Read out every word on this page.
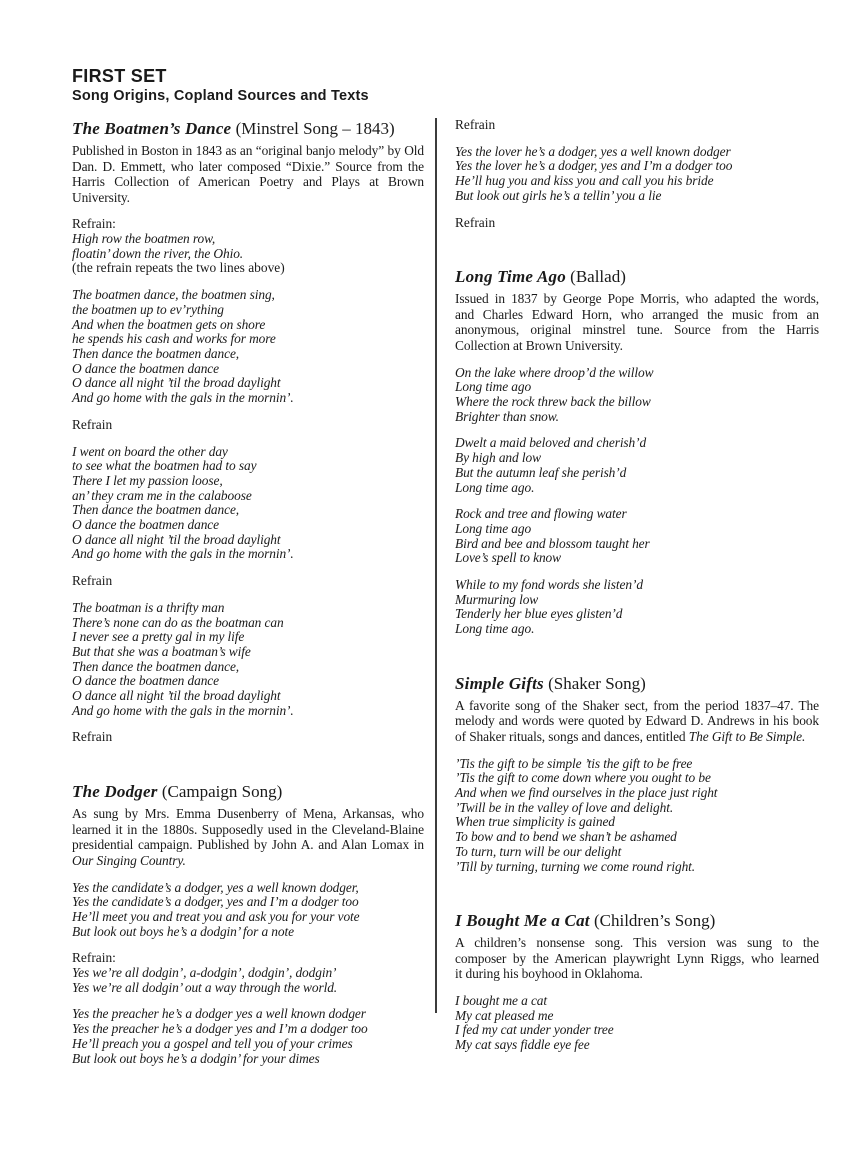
FIRST SET
Song Origins, Copland Sources and Texts
The Boatmen’s Dance (Minstrel Song – 1843)
Published in Boston in 1843 as an “original banjo melody” by Old
Dan. D. Emmett, who later composed “Dixie.” Source from the
Harris Collection of American Poetry and Plays at Brown University.
Refrain:
High row the boatmen row,
floatin’ down the river, the Ohio.
(the refrain repeats the two lines above)
The boatmen dance, the boatmen sing,
the boatmen up to ev’rything
And when the boatmen gets on shore
he spends his cash and works for more
Then dance the boatmen dance,
O dance the boatmen dance
O dance all night ’til the broad daylight
And go home with the gals in the mornin’.
Refrain
I went on board the other day
to see what the boatmen had to say
There I let my passion loose,
an’ they cram me in the calaboose
Then dance the boatmen dance,
O dance the boatmen dance
O dance all night ’til the broad daylight
And go home with the gals in the mornin’.
Refrain
The boatman is a thrifty man
There’s none can do as the boatman can
I never see a pretty gal in my life
But that she was a boatman’s wife
Then dance the boatmen dance,
O dance the boatmen dance
O dance all night ’til the broad daylight
And go home with the gals in the mornin’.
Refrain
The Dodger (Campaign Song)
As sung by Mrs. Emma Dusenberry of Mena, Arkansas, who
learned it in the 1880s. Supposedly used in the Cleveland-Blaine
presidential campaign. Published by John A. and Alan Lomax in
Our Singing Country.
Yes the candidate’s a dodger, yes a well known dodger,
Yes the candidate’s a dodger, yes and I’m a dodger too
He’ll meet you and treat you and ask you for your vote
But look out boys he’s a dodgin’ for a note
Refrain:
Yes we’re all dodgin’, a-dodgin’, dodgin’, dodgin’
Yes we’re all dodgin’ out a way through the world.
Yes the preacher he’s a dodger yes a well known dodger
Yes the preacher he’s a dodger yes and I’m a dodger too
He’ll preach you a gospel and tell you of your crimes
But look out boys he’s a dodgin’ for your dimes
Refrain
Yes the lover he’s a dodger, yes a well known dodger
Yes the lover he’s a dodger, yes and I’m a dodger too
He’ll hug you and kiss you and call you his bride
But look out girls he’s a tellin’ you a lie
Refrain
Long Time Ago (Ballad)
Issued in 1837 by George Pope Morris, who adapted the words,
and Charles Edward Horn, who arranged the music from an
anonymous, original minstrel tune. Source from the Harris
Collection at Brown University.
On the lake where droop’d the willow
Long time ago
Where the rock threw back the billow
Brighter than snow.
Dwelt a maid beloved and cherish’d
By high and low
But the autumn leaf she perish’d
Long time ago.
Rock and tree and flowing water
Long time ago
Bird and bee and blossom taught her
Love’s spell to know
While to my fond words she listen’d
Murmuring low
Tenderly her blue eyes glisten’d
Long time ago.
Simple Gifts (Shaker Song)
A favorite song of the Shaker sect, from the period 1837–47. The
melody and words were quoted by Edward D. Andrews in his book
of Shaker rituals, songs and dances, entitled The Gift to Be Simple.
’Tis the gift to be simple ’tis the gift to be free
’Tis the gift to come down where you ought to be
And when we find ourselves in the place just right
’Twill be in the valley of love and delight.
When true simplicity is gained
To bow and to bend we shan’t be ashamed
To turn, turn will be our delight
’Till by turning, turning we come round right.
I Bought Me a Cat (Children’s Song)
A children’s nonsense song. This version was sung to the
composer by the American playwright Lynn Riggs, who learned
it during his boyhood in Oklahoma.
I bought me a cat
My cat pleased me
I fed my cat under yonder tree
My cat says fiddle eye fee
